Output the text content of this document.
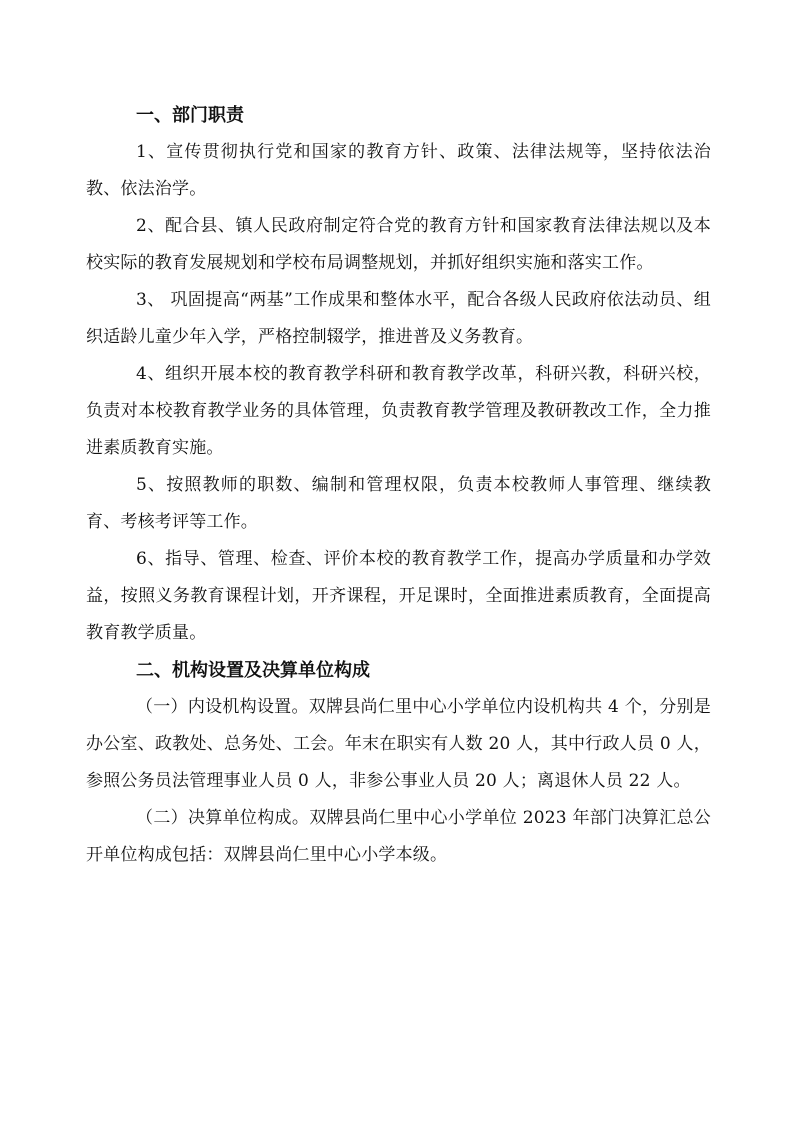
一、部门职责

1、宣传贯彻执行党和国家的教育方针、政策、法律法规等，坚持依法治教、依法治学。

2、配合县、镇人民政府制定符合党的教育方针和国家教育法律法规以及本校实际的教育发展规划和学校布局调整规划，并抓好组织实施和落实工作。

3、 巩固提高“两基”工作成果和整体水平，配合各级人民政府依法动员、组织适龄儿童少年入学，严格控制辍学，推进普及义务教育。

4、组织开展本校的教育教学科研和教育教学改革，科研兴教，科研兴校，负责对本校教育教学业务的具体管理，负责教育教学管理及教研教改工作，全力推进素质教育实施。

5、按照教师的职数、编制和管理权限，负责本校教师人事管理、继续教育、考核考评等工作。

6、指导、管理、检查、评价本校的教育教学工作，提高办学质量和办学效益，按照义务教育课程计划，开齐课程，开足课时，全面推进素质教育，全面提高教育教学质量。

二、机构设置及决算单位构成

（一）内设机构设置。双牌县尚仁里中心小学单位内设机构共 4 个，分别是办公室、政教处、总务处、工会。年末在职实有人数 20 人，其中行政人员 0 人，参照公务员法管理事业人员 0 人，非参公事业人员 20 人；离退休人员 22 人。

（二）决算单位构成。双牌县尚仁里中心小学单位 2023 年部门决算汇总公开单位构成包括：双牌县尚仁里中心小学本级。
